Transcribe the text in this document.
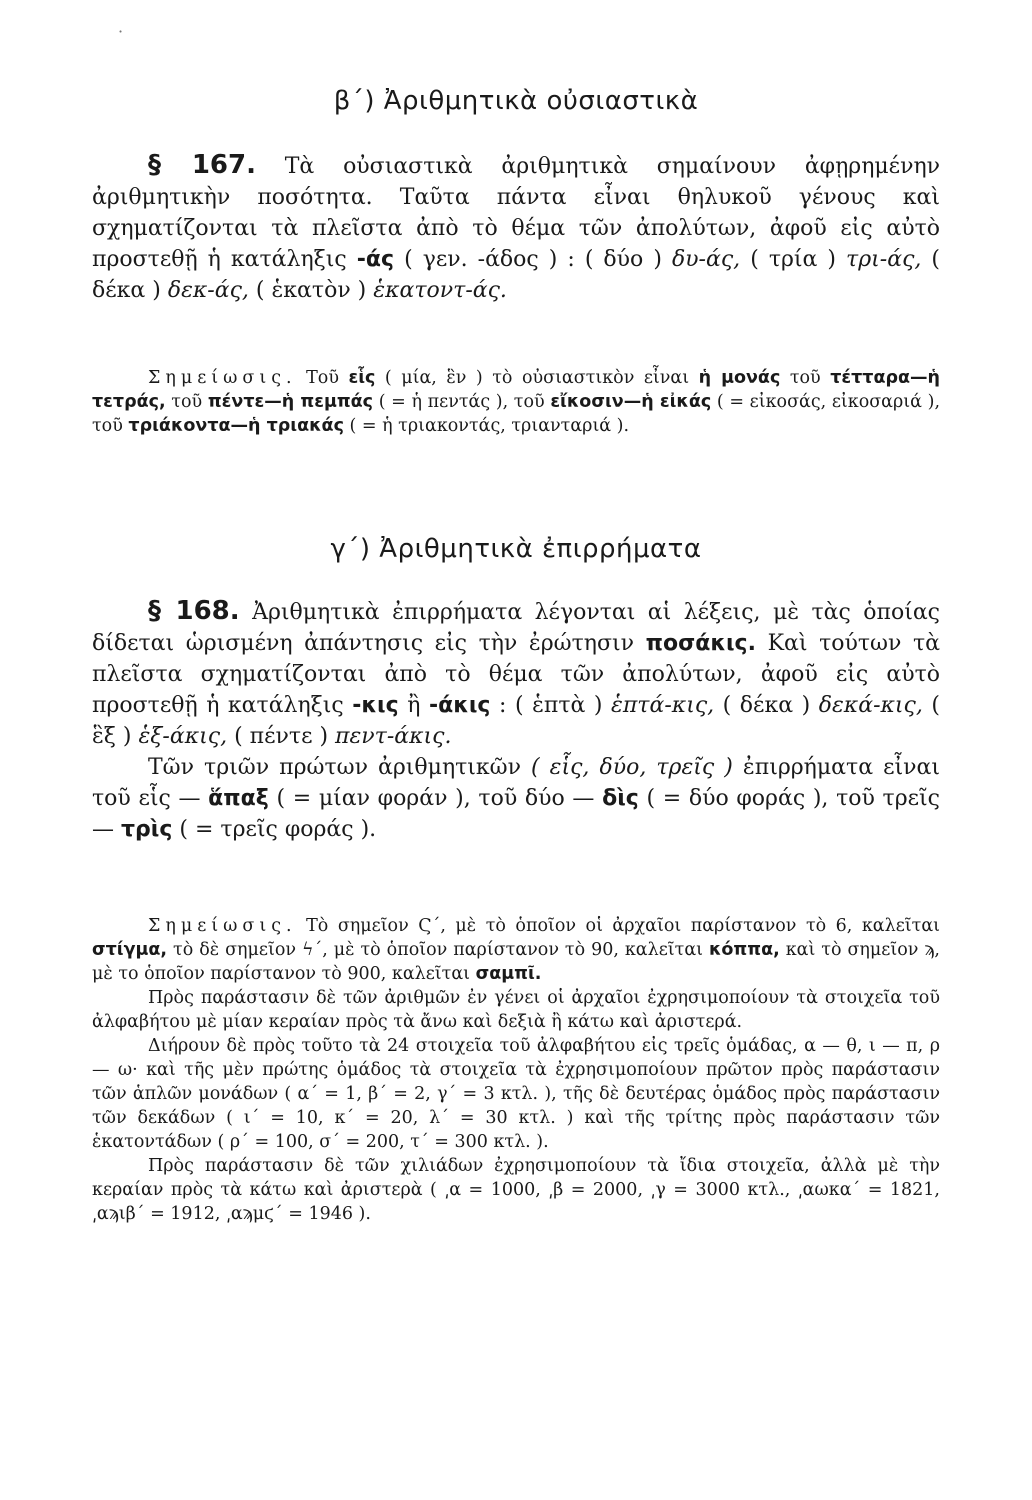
·
β΄) Ἀριθμητικὰ οὐσιαστικὰ

§ 167. Τὰ οὐσιαστικὰ ἀριθμητικὰ σημαίνουν ἀφῃρημένην ἀριθμητικὴν ποσότητα. Ταῦτα πάντα εἶναι θηλυκοῦ γένους καὶ σχηματίζονται τὰ πλεῖστα ἀπὸ τὸ θέμα τῶν ἀπολύτων, ἀφοῦ εἰς αὐτὸ προστεθῇ ἡ κατάληξις -άς ( γεν. -άδος ) : ( δύο ) δυ-άς, ( τρία ) τρι-άς, ( δέκα ) δεκ-άς, ( ἑκατὸν ) ἑκατοντ-άς.

Σημείωσις. Τοῦ εἷς ( μία, ἓν ) τὸ οὐσιαστικὸν εἶναι ἡ μονάς τοῦ τέτταρα—ἡ τετράς, τοῦ πέντε—ἡ πεμπάς ( = ἡ πεντάς ), τοῦ εἴκοσιν—ἡ εἰκάς ( = εἰκοσάς, εἰκοσαριά ), τοῦ τριάκοντα—ἡ τριακάς ( = ἡ τριακοντάς, τριανταριά ).

γ΄) Ἀριθμητικὰ ἐπιρρήματα

§ 168. Ἀριθμητικὰ ἐπιρρήματα λέγονται αἱ λέξεις, μὲ τὰς ὁποίας δίδεται ὡρισμένη ἀπάντησις εἰς τὴν ἐρώτησιν ποσάκις. Καὶ τούτων τὰ πλεῖστα σχηματίζονται ἀπὸ τὸ θέμα τῶν ἀπολύτων, ἀφοῦ εἰς αὐτὸ προστεθῇ ἡ κατάληξις -κις ἢ -άκις : ( ἑπτὰ ) ἑπτά-κις, ( δέκα ) δεκά-κις, ( ἓξ ) ἑξ-άκις, ( πέντε ) πεντ-άκις.

Τῶν τριῶν πρώτων ἀριθμητικῶν ( εἷς, δύο, τρεῖς ) ἐπιρρήματα εἶναι τοῦ εἷς — ἅπαξ ( = μίαν φοράν ), τοῦ δύο — δὶς ( = δύο φοράς ), τοῦ τρεῖς — τρὶς ( = τρεῖς φοράς ).

Σημείωσις. Τὸ σημεῖον Ϛ΄, μὲ τὸ ὁποῖον οἱ ἀρχαῖοι παρίστανον τὸ 6, καλεῖται στίγμα, τὸ δὲ σημεῖον ϟ΄, μὲ τὸ ὁποῖον παρίστανον τὸ 90, καλεῖται κόππα, καὶ τὸ σημεῖον ϡ, μὲ το ὁποῖον παρίστανον τὸ 900, καλεῖται σαμπῖ.

Πρὸς παράστασιν δὲ τῶν ἀριθμῶν ἐν γένει οἱ ἀρχαῖοι ἐχρησιμοποίουν τὰ στοιχεῖα τοῦ ἀλφαβήτου μὲ μίαν κεραίαν πρὸς τὰ ἄνω καὶ δεξιὰ ἢ κάτω καὶ ἀριστερά.

Διήρουν δὲ πρὸς τοῦτο τὰ 24 στοιχεῖα τοῦ ἀλφαβήτου εἰς τρεῖς ὁμάδας, α — θ, ι — π, ρ — ω· καὶ τῆς μὲν πρώτης ὁμάδος τὰ στοιχεῖα τὰ ἐχρησιμοποίουν πρῶτον πρὸς παράστασιν τῶν ἁπλῶν μονάδων ( α΄ = 1, β΄ = 2, γ΄ = 3 κτλ. ), τῆς δὲ δευτέρας ὁμάδος πρὸς παράστασιν τῶν δεκάδων ( ι΄ = 10, κ΄ = 20, λ΄ = 30 κτλ. ) καὶ τῆς τρίτης πρὸς παράστασιν τῶν ἑκατοντάδων ( ρ΄ = 100, σ΄ = 200, τ΄ = 300 κτλ. ).

Πρὸς παράστασιν δὲ τῶν χιλιάδων ἐχρησιμοποίουν τὰ ἴδια στοιχεῖα, ἀλλὰ μὲ τὴν κεραίαν πρὸς τὰ κάτω καὶ ἀριστερὰ ( ͵α = 1000, ͵β = 2000, ͵γ = 3000 κτλ., ͵αωκα΄ = 1821, ͵αϡιβ΄ = 1912, ͵αϡμϛ΄ = 1946 ).
